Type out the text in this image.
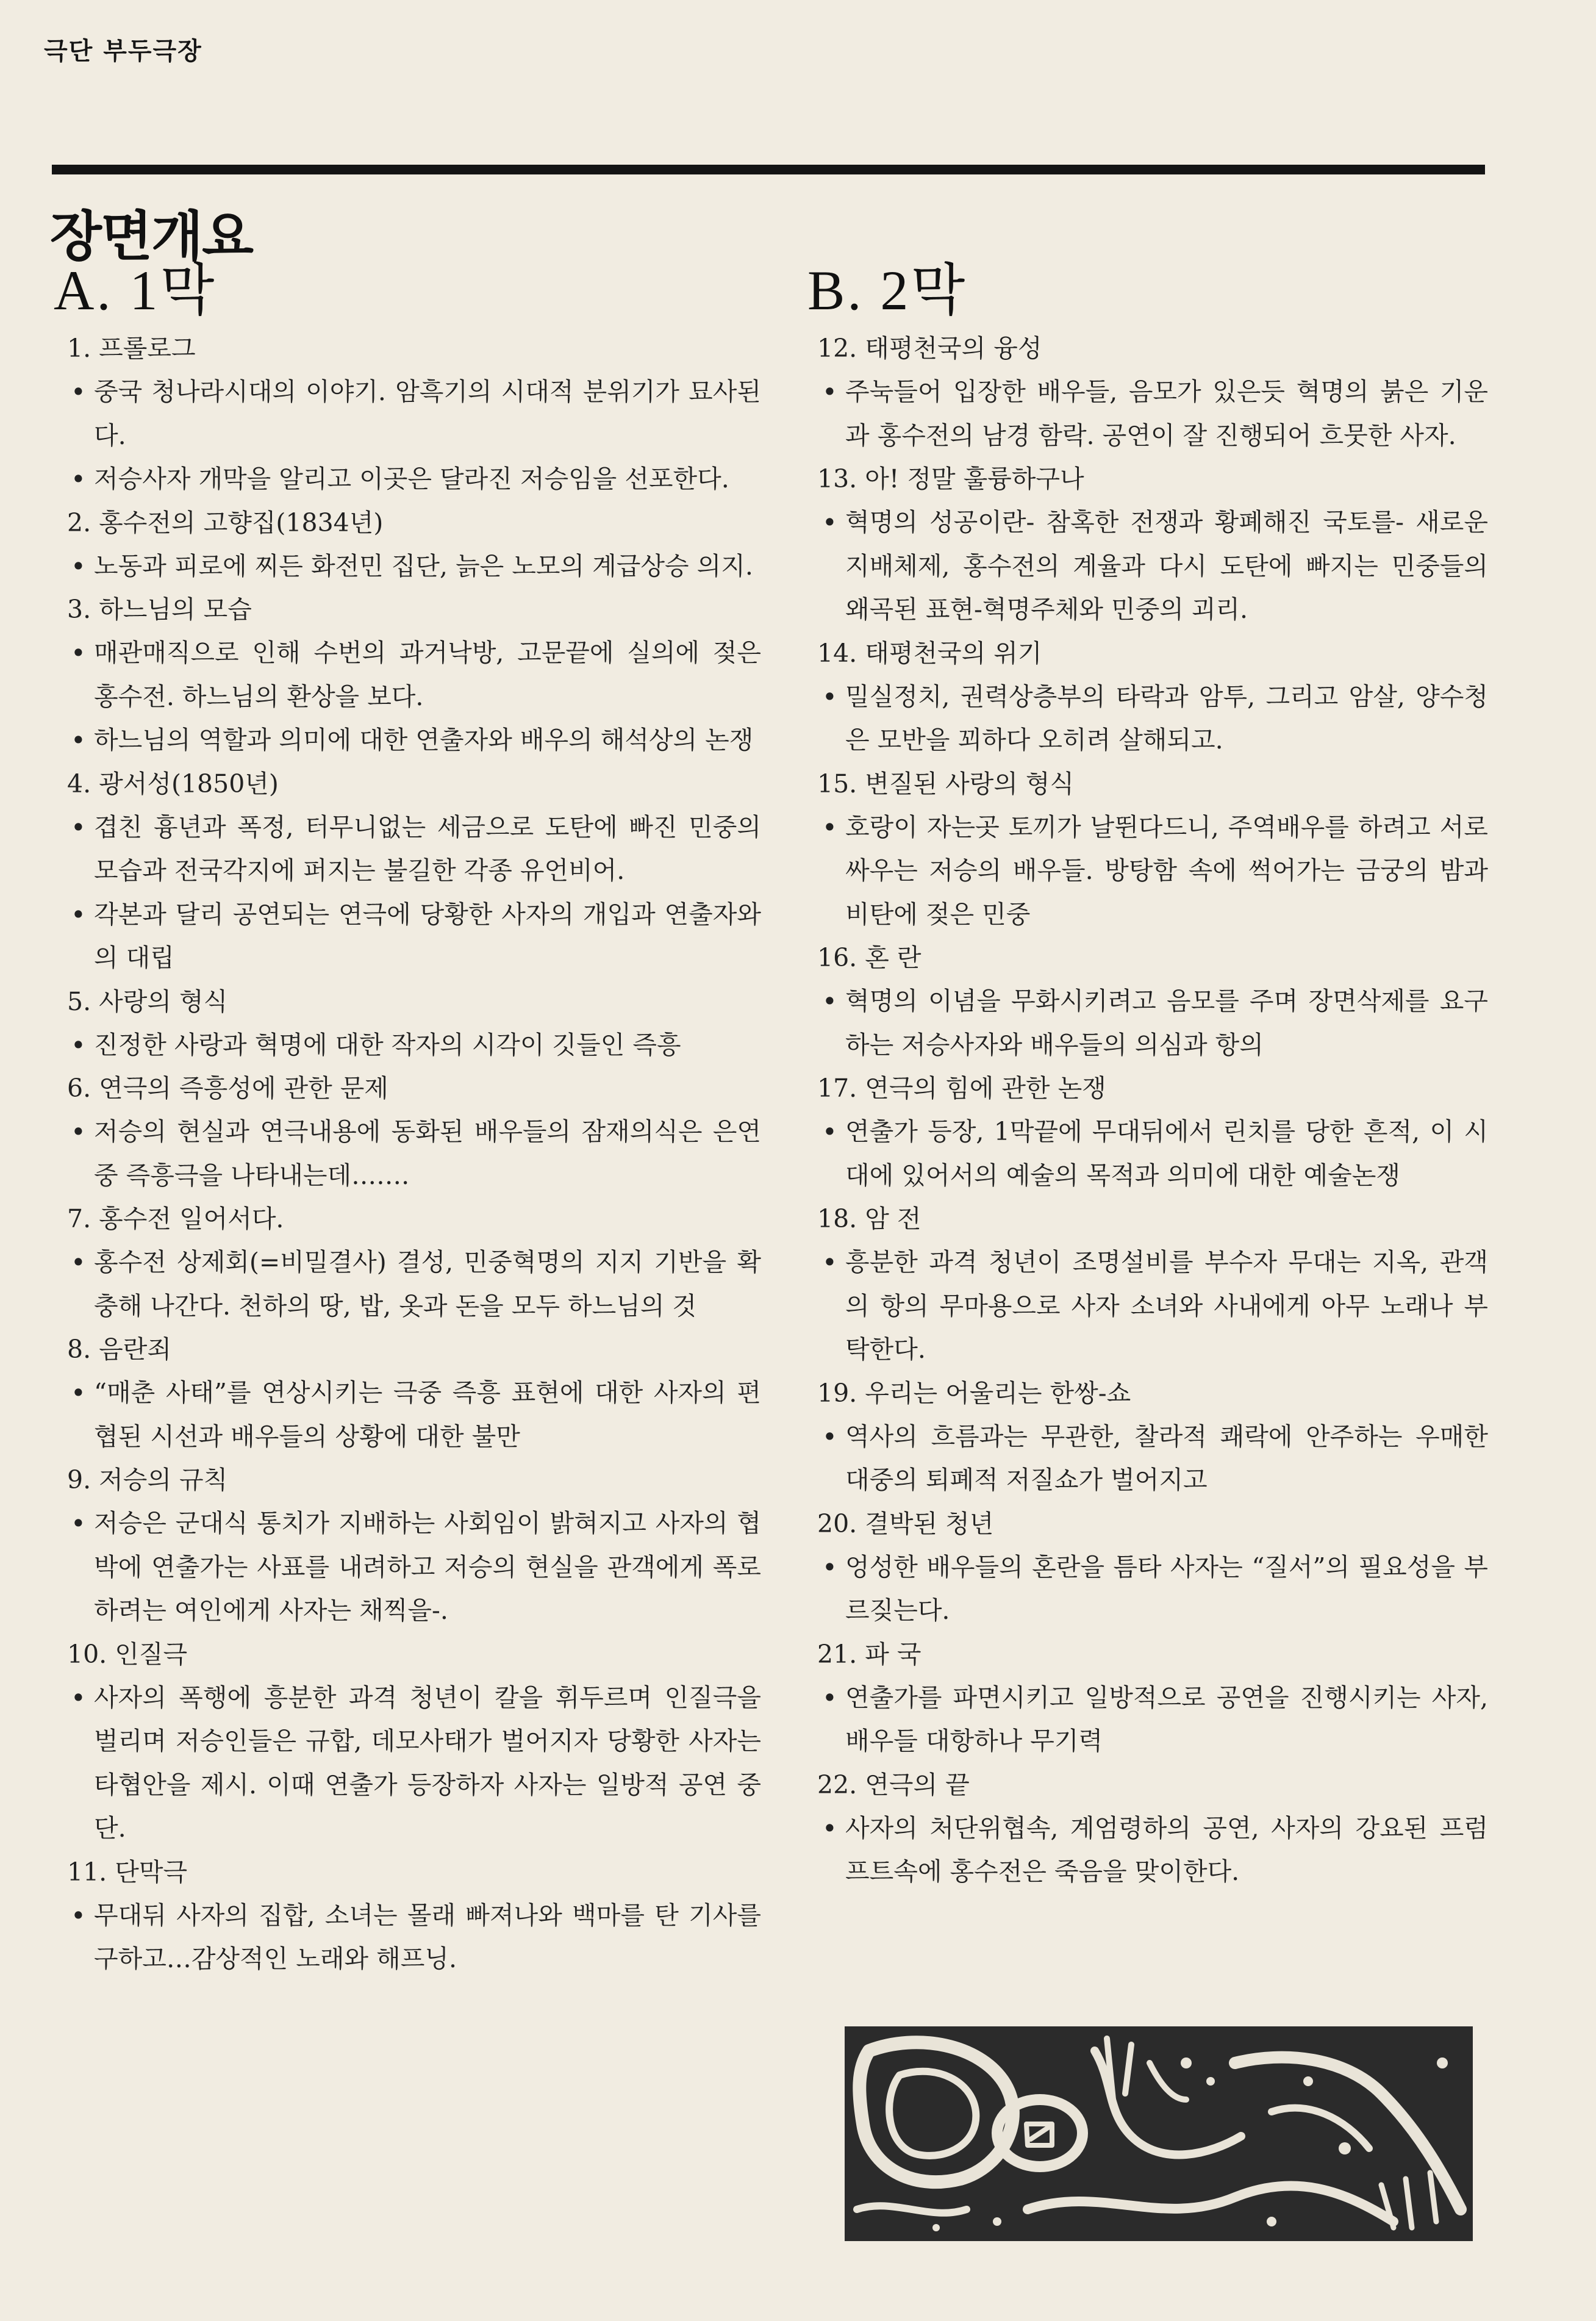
극단 부두극장
장면개요
A. 1막
1. 프롤로그
• 중국 청나라시대의 이야기. 암흑기의 시대적 분위기가 묘사된다.
• 저승사자 개막을 알리고 이곳은 달라진 저승임을 선포한다.
2. 홍수전의 고향집(1834년)
• 노동과 피로에 찌든 화전민 집단, 늙은 노모의 계급상승 의지.
3. 하느님의 모습
• 매관매직으로 인해 수번의 과거낙방, 고문끝에 실의에 젖은 홍수전. 하느님의 환상을 보다.
• 하느님의 역할과 의미에 대한 연출자와 배우의 해석상의 논쟁
4. 광서성(1850년)
• 겹친 흉년과 폭정, 터무니없는 세금으로 도탄에 빠진 민중의 모습과 전국각지에 퍼지는 불길한 각종 유언비어.
• 각본과 달리 공연되는 연극에 당황한 사자의 개입과 연출자와의 대립
5. 사랑의 형식
• 진정한 사랑과 혁명에 대한 작자의 시각이 깃들인 즉흥
6. 연극의 즉흥성에 관한 문제
• 저승의 현실과 연극내용에 동화된 배우들의 잠재의식은 은연중 즉흥극을 나타내는데…….
7. 홍수전 일어서다.
• 홍수전 상제회(=비밀결사) 결성, 민중혁명의 지지 기반을 확충해 나간다. 천하의 땅, 밥, 옷과 돈을 모두 하느님의 것
8. 음란죄
• “매춘 사태”를 연상시키는 극중 즉흥 표현에 대한 사자의 편협된 시선과 배우들의 상황에 대한 불만
9. 저승의 규칙
• 저승은 군대식 통치가 지배하는 사회임이 밝혀지고 사자의 협박에 연출가는 사표를 내려하고 저승의 현실을 관객에게 폭로하려는 여인에게 사자는 채찍을-.
10. 인질극
• 사자의 폭행에 흥분한 과격 청년이 칼을 휘두르며 인질극을 벌리며 저승인들은 규합, 데모사태가 벌어지자 당황한 사자는 타협안을 제시. 이때 연출가 등장하자 사자는 일방적 공연 중단.
11. 단막극
• 무대뒤 사자의 집합, 소녀는 몰래 빠져나와 백마를 탄 기사를 구하고…감상적인 노래와 해프닝.
B. 2막
12. 태평천국의 융성
• 주눅들어 입장한 배우들, 음모가 있은듯 혁명의 붉은 기운과 홍수전의 남경 함락. 공연이 잘 진행되어 흐뭇한 사자.
13. 아! 정말 훌륭하구나
• 혁명의 성공이란- 참혹한 전쟁과 황폐해진 국토를- 새로운 지배체제, 홍수전의 계율과 다시 도탄에 빠지는 민중들의 왜곡된 표현-혁명주체와 민중의 괴리.
14. 태평천국의 위기
• 밀실정치, 권력상층부의 타락과 암투, 그리고 암살, 양수청은 모반을 꾀하다 오히려 살해되고.
15. 변질된 사랑의 형식
• 호랑이 자는곳 토끼가 날뛴다드니, 주역배우를 하려고 서로 싸우는 저승의 배우들. 방탕함 속에 썩어가는 금궁의 밤과 비탄에 젖은 민중
16. 혼 란
• 혁명의 이념을 무화시키려고 음모를 주며 장면삭제를 요구하는 저승사자와 배우들의 의심과 항의
17. 연극의 힘에 관한 논쟁
• 연출가 등장, 1막끝에 무대뒤에서 린치를 당한 흔적, 이 시대에 있어서의 예술의 목적과 의미에 대한 예술논쟁
18. 암 전
• 흥분한 과격 청년이 조명설비를 부수자 무대는 지옥, 관객의 항의 무마용으로 사자 소녀와 사내에게 아무 노래나 부탁한다.
19. 우리는 어울리는 한쌍-쇼
• 역사의 흐름과는 무관한, 찰라적 쾌락에 안주하는 우매한 대중의 퇴폐적 저질쇼가 벌어지고
20. 결박된 청년
• 엉성한 배우들의 혼란을 틈타 사자는 “질서”의 필요성을 부르짖는다.
21. 파 국
• 연출가를 파면시키고 일방적으로 공연을 진행시키는 사자, 배우들 대항하나 무기력
22. 연극의 끝
• 사자의 처단위협속, 계엄령하의 공연, 사자의 강요된 프럼프트속에 홍수전은 죽음을 맞이한다.
